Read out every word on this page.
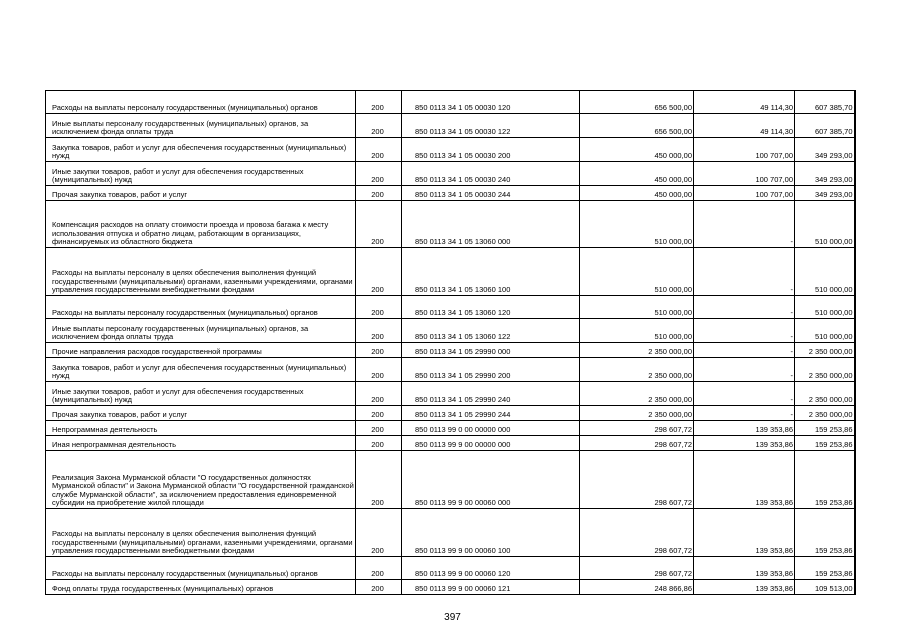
Расходы на выплаты персоналу государственных (муниципальных) органов	200	850 0113 34 1 05 00030 120	656 500,00	49 114,30	607 385,70
Иные выплаты персоналу государственных (муниципальных) органов, за исключением фонда оплаты труда	200	850 0113 34 1 05 00030 122	656 500,00	49 114,30	607 385,70
Закупка товаров, работ и услуг для обеспечения государственных (муниципальных) нужд	200	850 0113 34 1 05 00030 200	450 000,00	100 707,00	349 293,00
Иные закупки товаров, работ и услуг для обеспечения государственных (муниципальных) нужд	200	850 0113 34 1 05 00030 240	450 000,00	100 707,00	349 293,00
Прочая закупка товаров, работ и услуг	200	850 0113 34 1 05 00030 244	450 000,00	100 707,00	349 293,00
Компенсация расходов на оплату стоимости проезда и провоза багажа к месту использования отпуска и обратно лицам, работающим в организациях, финансируемых из областного бюджета	200	850 0113 34 1 05 13060 000	510 000,00	-	510 000,00
Расходы на выплаты персоналу в целях обеспечения выполнения функций государственными (муниципальными) органами, казенными учреждениями, органами управления государственными внебюджетными фондами	200	850 0113 34 1 05 13060 100	510 000,00	-	510 000,00
Расходы на выплаты персоналу государственных (муниципальных) органов	200	850 0113 34 1 05 13060 120	510 000,00	-	510 000,00
Иные выплаты персоналу государственных (муниципальных) органов, за исключением фонда оплаты труда	200	850 0113 34 1 05 13060 122	510 000,00	-	510 000,00
Прочие направления расходов государственной программы	200	850 0113 34 1 05 29990 000	2 350 000,00	-	2 350 000,00
Закупка товаров, работ и услуг для обеспечения государственных (муниципальных) нужд	200	850 0113 34 1 05 29990 200	2 350 000,00	-	2 350 000,00
Иные закупки товаров, работ и услуг для обеспечения государственных (муниципальных) нужд	200	850 0113 34 1 05 29990 240	2 350 000,00	-	2 350 000,00
Прочая закупка товаров, работ и услуг	200	850 0113 34 1 05 29990 244	2 350 000,00	-	2 350 000,00
Непрограммная деятельность	200	850 0113 99 0 00 00000 000	298 607,72	139 353,86	159 253,86
Иная непрограммная деятельность	200	850 0113 99 9 00 00000 000	298 607,72	139 353,86	159 253,86
Реализация Закона Мурманской области "О государственных должностях Мурманской области" и Закона Мурманской области "О государственной гражданской службе Мурманской области", за исключением предоставления единовременной субсидии на приобретение жилой площади	200	850 0113 99 9 00 00060 000	298 607,72	139 353,86	159 253,86
Расходы на выплаты персоналу в целях обеспечения выполнения функций государственными (муниципальными) органами, казенными учреждениями, органами управления государственными внебюджетными фондами	200	850 0113 99 9 00 00060 100	298 607,72	139 353,86	159 253,86
Расходы на выплаты персоналу государственных (муниципальных) органов	200	850 0113 99 9 00 00060 120	298 607,72	139 353,86	159 253,86
Фонд оплаты труда государственных (муниципальных) органов	200	850 0113 99 9 00 00060 121	248 866,86	139 353,86	109 513,00
397
